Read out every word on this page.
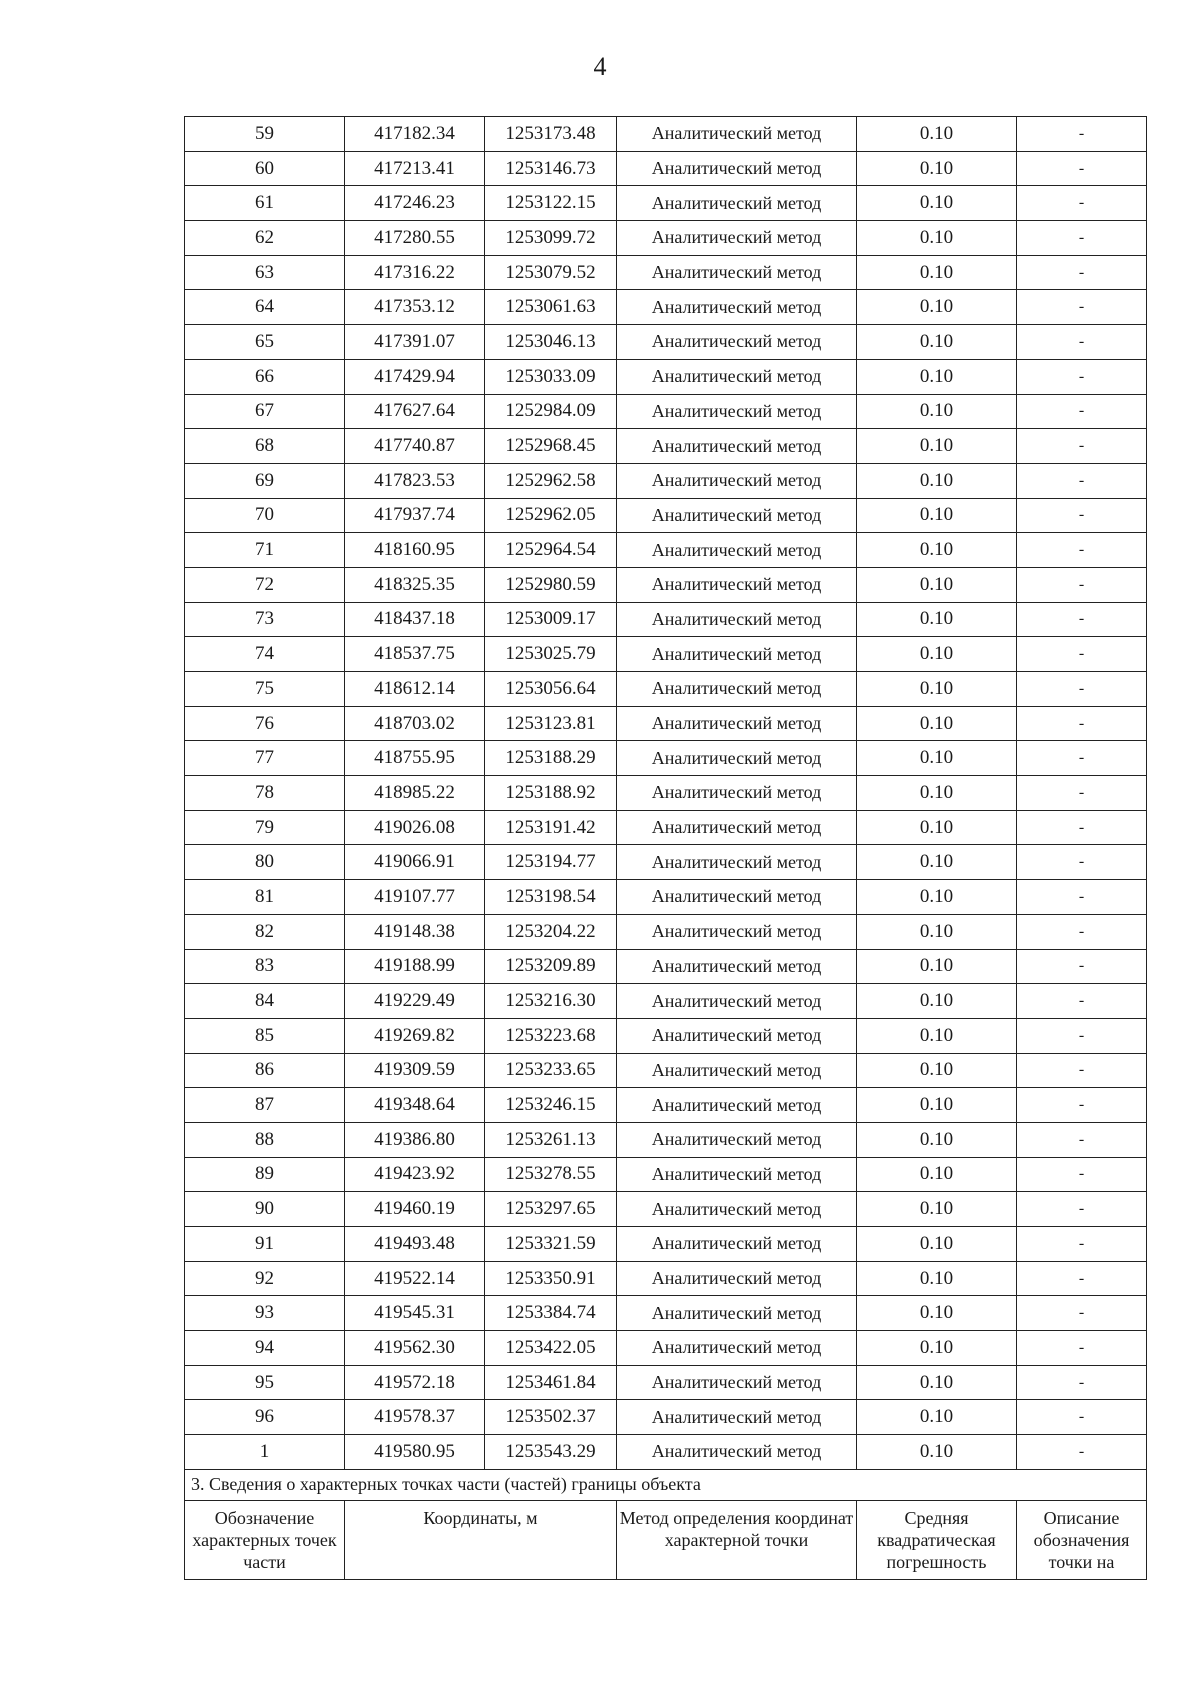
4
59	417182.34	1253173.48	Аналитический метод	0.10	-
60	417213.41	1253146.73	Аналитический метод	0.10	-
61	417246.23	1253122.15	Аналитический метод	0.10	-
62	417280.55	1253099.72	Аналитический метод	0.10	-
63	417316.22	1253079.52	Аналитический метод	0.10	-
64	417353.12	1253061.63	Аналитический метод	0.10	-
65	417391.07	1253046.13	Аналитический метод	0.10	-
66	417429.94	1253033.09	Аналитический метод	0.10	-
67	417627.64	1252984.09	Аналитический метод	0.10	-
68	417740.87	1252968.45	Аналитический метод	0.10	-
69	417823.53	1252962.58	Аналитический метод	0.10	-
70	417937.74	1252962.05	Аналитический метод	0.10	-
71	418160.95	1252964.54	Аналитический метод	0.10	-
72	418325.35	1252980.59	Аналитический метод	0.10	-
73	418437.18	1253009.17	Аналитический метод	0.10	-
74	418537.75	1253025.79	Аналитический метод	0.10	-
75	418612.14	1253056.64	Аналитический метод	0.10	-
76	418703.02	1253123.81	Аналитический метод	0.10	-
77	418755.95	1253188.29	Аналитический метод	0.10	-
78	418985.22	1253188.92	Аналитический метод	0.10	-
79	419026.08	1253191.42	Аналитический метод	0.10	-
80	419066.91	1253194.77	Аналитический метод	0.10	-
81	419107.77	1253198.54	Аналитический метод	0.10	-
82	419148.38	1253204.22	Аналитический метод	0.10	-
83	419188.99	1253209.89	Аналитический метод	0.10	-
84	419229.49	1253216.30	Аналитический метод	0.10	-
85	419269.82	1253223.68	Аналитический метод	0.10	-
86	419309.59	1253233.65	Аналитический метод	0.10	-
87	419348.64	1253246.15	Аналитический метод	0.10	-
88	419386.80	1253261.13	Аналитический метод	0.10	-
89	419423.92	1253278.55	Аналитический метод	0.10	-
90	419460.19	1253297.65	Аналитический метод	0.10	-
91	419493.48	1253321.59	Аналитический метод	0.10	-
92	419522.14	1253350.91	Аналитический метод	0.10	-
93	419545.31	1253384.74	Аналитический метод	0.10	-
94	419562.30	1253422.05	Аналитический метод	0.10	-
95	419572.18	1253461.84	Аналитический метод	0.10	-
96	419578.37	1253502.37	Аналитический метод	0.10	-
1	419580.95	1253543.29	Аналитический метод	0.10	-
3. Сведения о характерных точках части (частей) границы объекта					
Обозначение характерных точек части	Координаты, м		Метод определения координат характерной точки	Средняя квадратическая погрешность	Описание обозначения точки на
